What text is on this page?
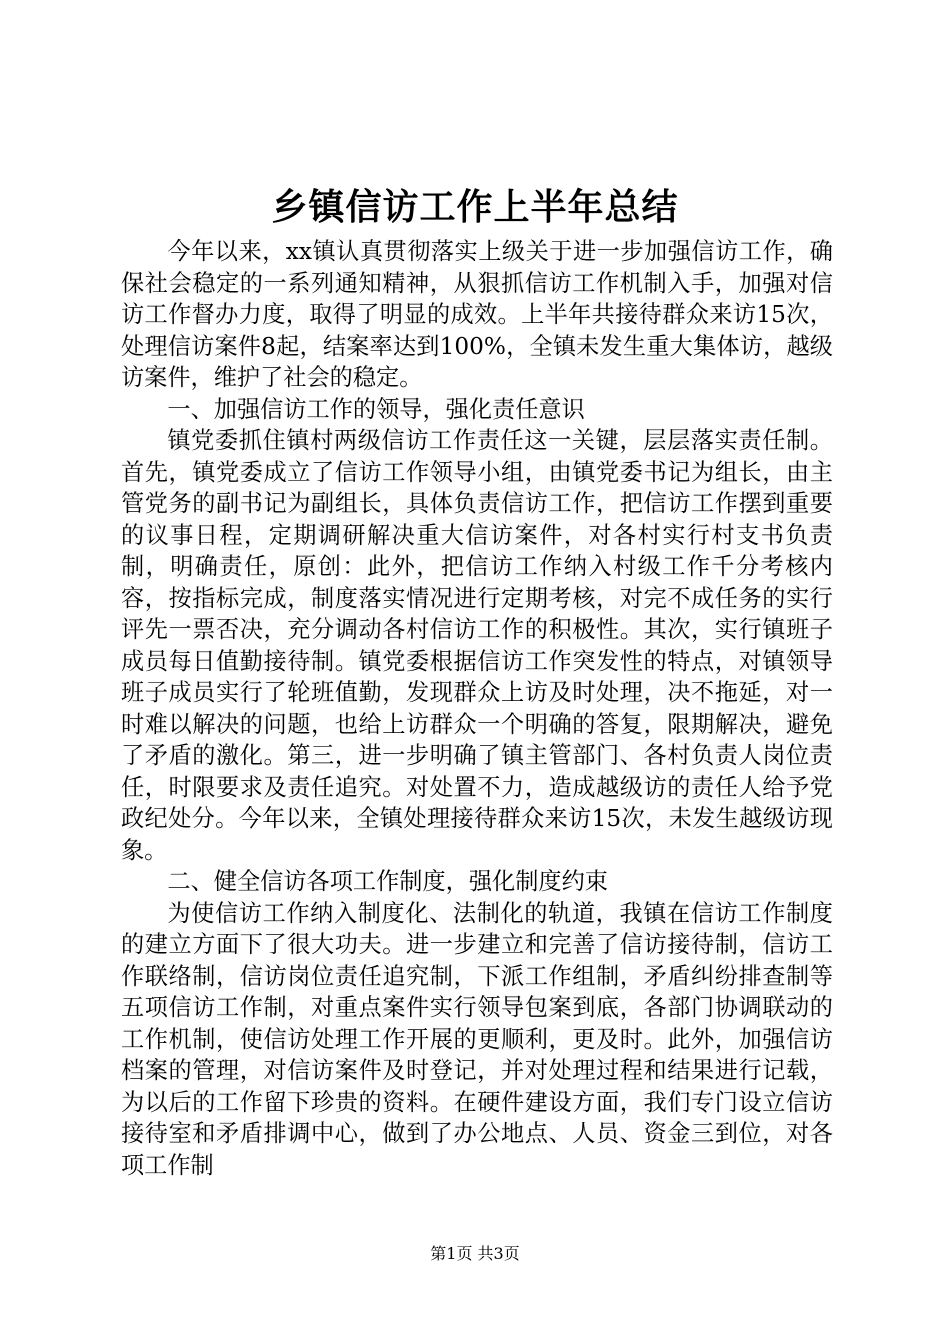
乡镇信访工作上半年总结

今年以来，xx镇认真贯彻落实上级关于进一步加强信访工作，确保社会稳定的一系列通知精神，从狠抓信访工作机制入手，加强对信访工作督办力度，取得了明显的成效。上半年共接待群众来访15次，处理信访案件8起，结案率达到100%，全镇未发生重大集体访，越级访案件，维护了社会的稳定。

一、加强信访工作的领导，强化责任意识

镇党委抓住镇村两级信访工作责任这一关键，层层落实责任制。首先，镇党委成立了信访工作领导小组，由镇党委书记为组长，由主管党务的副书记为副组长，具体负责信访工作，把信访工作摆到重要的议事日程，定期调研解决重大信访案件，对各村实行村支书负责制，明确责任，原创：此外，把信访工作纳入村级工作千分考核内容，按指标完成，制度落实情况进行定期考核，对完不成任务的实行评先一票否决，充分调动各村信访工作的积极性。其次，实行镇班子成员每日值勤接待制。镇党委根据信访工作突发性的特点，对镇领导班子成员实行了轮班值勤，发现群众上访及时处理，决不拖延，对一时难以解决的问题，也给上访群众一个明确的答复，限期解决，避免了矛盾的激化。第三，进一步明确了镇主管部门、各村负责人岗位责任，时限要求及责任追究。对处置不力，造成越级访的责任人给予党政纪处分。今年以来，全镇处理接待群众来访15次，未发生越级访现象。

二、健全信访各项工作制度，强化制度约束

为使信访工作纳入制度化、法制化的轨道，我镇在信访工作制度的建立方面下了很大功夫。进一步建立和完善了信访接待制，信访工作联络制，信访岗位责任追究制，下派工作组制，矛盾纠纷排查制等五项信访工作制，对重点案件实行领导包案到底，各部门协调联动的工作机制，使信访处理工作开展的更顺利，更及时。此外，加强信访档案的管理，对信访案件及时登记，并对处理过程和结果进行记载，为以后的工作留下珍贵的资料。在硬件建设方面，我们专门设立信访接待室和矛盾排调中心，做到了办公地点、人员、资金三到位，对各项工作制

第1页 共3页
